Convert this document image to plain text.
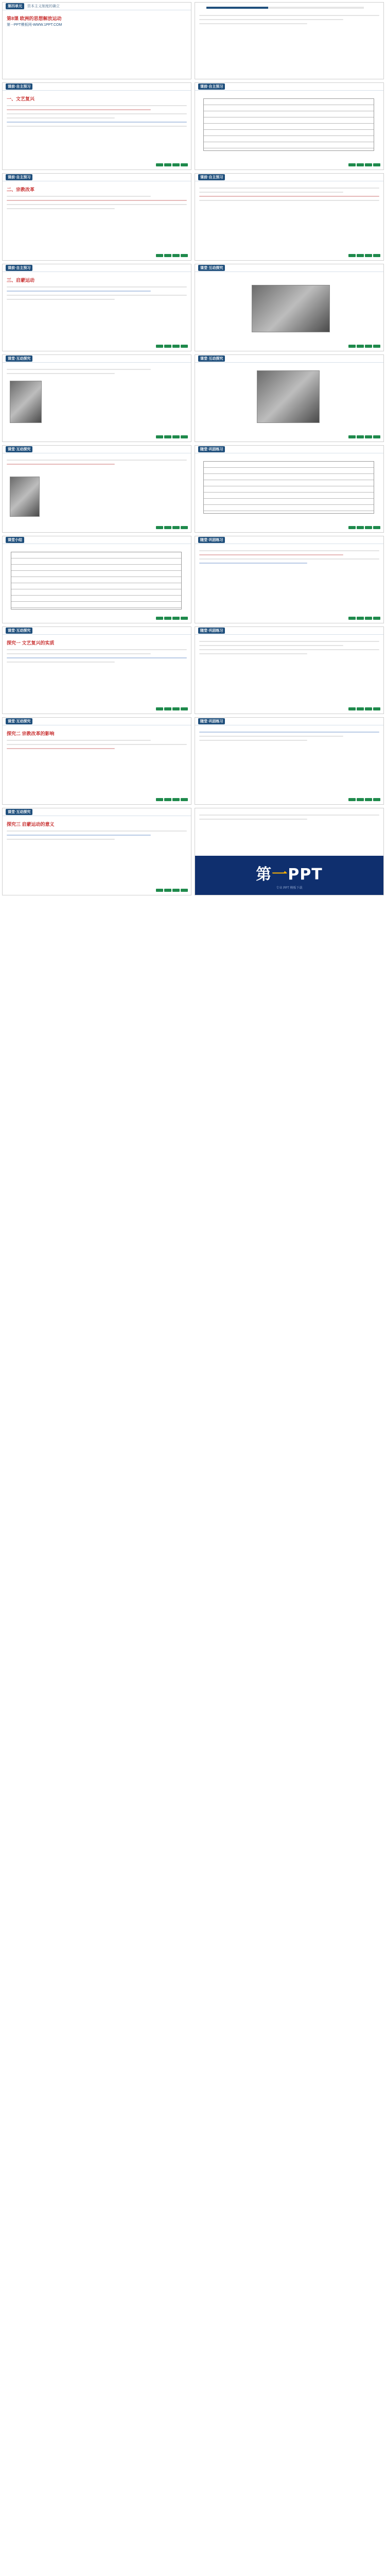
第四单元	资本主义制度的确立
第8课 欧洲的思想解放运动
第一PPT模板网-WWW.1PPT.COM
课前·自主预习
一、文艺复兴
课前·自主预习
二、宗教改革
课前·自主预习
三、启蒙运动
课堂·互动探究
课堂·互动探究
课堂小结
课堂·互动探究
探究一 文艺复兴的实质
课堂·互动探究
探究二 宗教改革的影响
课堂·互动探究
探究三 启蒙运动的意义
课前·自主预习
课前·自主预习
课堂·互动探究
课堂·互动探究
随堂·巩固练习
随堂·巩固练习
随堂·巩固练习
随堂·巩固练习
第一PPT
专业 PPT 模板下载
